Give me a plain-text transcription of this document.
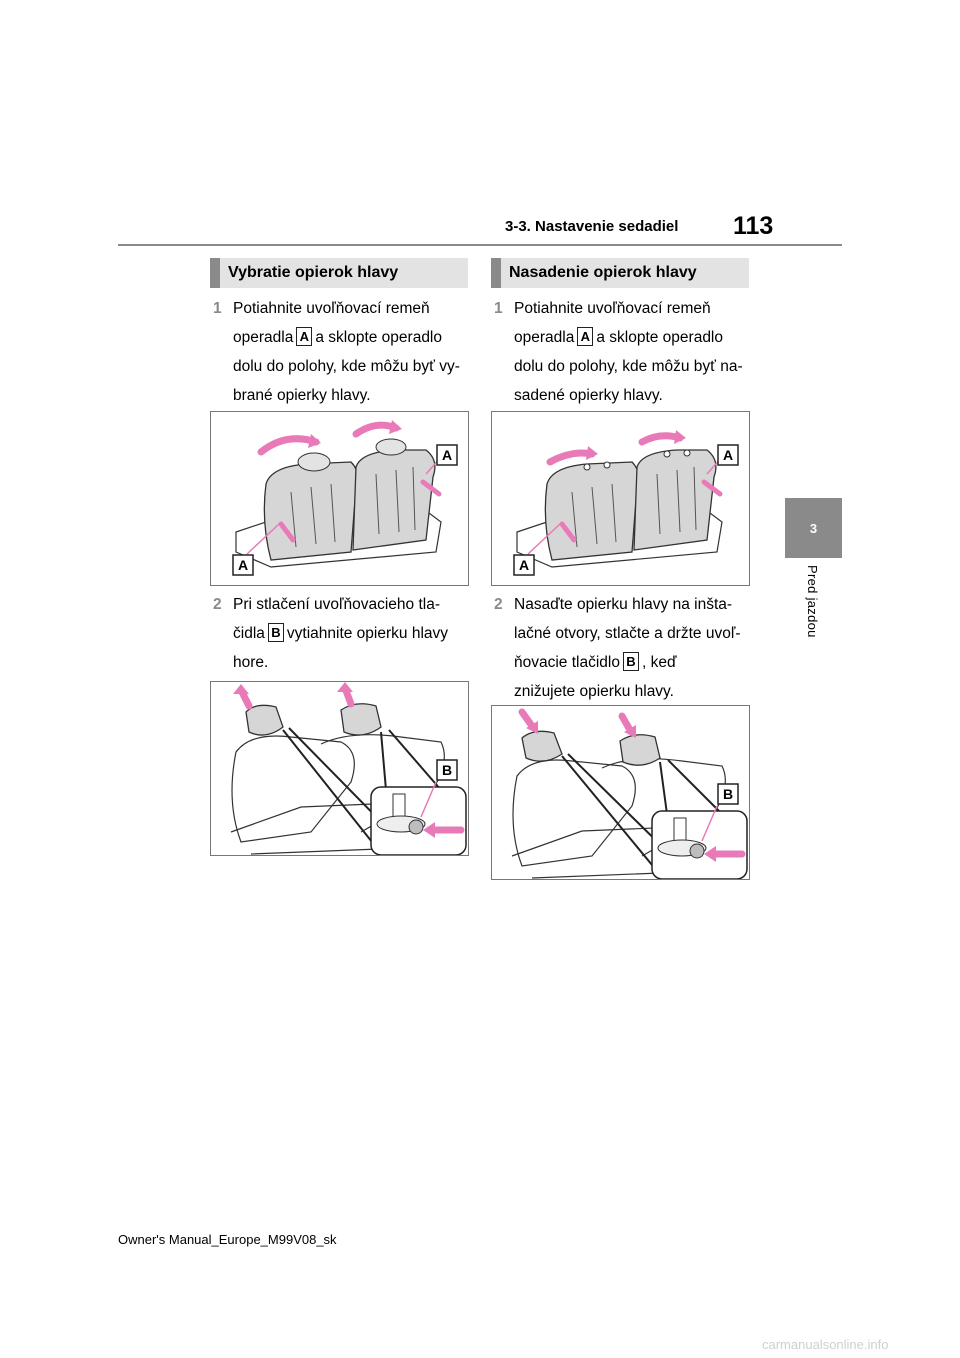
3-3. Nastavenie sedadiel 113
3
Pred jazdou
Vybratie opierok hlavy
1 Potiahnite uvoľňovací remeň
operadla A a sklopte operadlo
dolu do polohy, kde môžu byť vy-
brané opierky hlavy.
A
A
2 Pri stlačení uvoľňovacieho tla-
čidla B vytiahnite opierku hlavy
hore.
B
Nasadenie opierok hlavy
1 Potiahnite uvoľňovací remeň
operadla A a sklopte operadlo
dolu do polohy, kde môžu byť na-
sadené opierky hlavy.
A
A
2 Nasaďte opierku hlavy na inšta-
lačné otvory, stlačte a držte uvoľ-
ňovacie tlačidlo B , keď
znižujete opierku hlavy.
B
Owner's Manual_Europe_M99V08_sk
carmanualsonline.info
